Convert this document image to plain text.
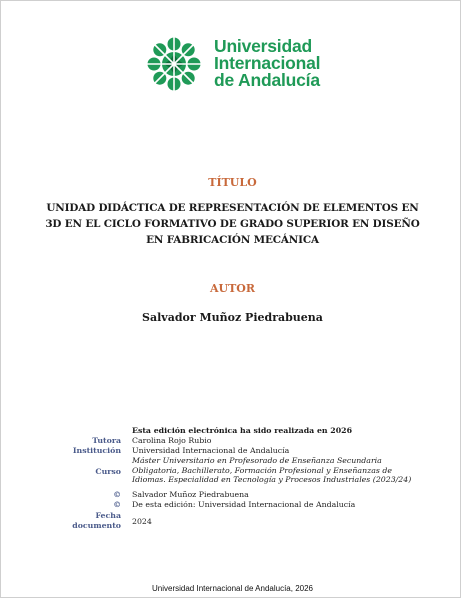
Universidad
Internacional
de Andalucía
TÍTULO
UNIDAD DIDÁCTICA DE REPRESENTACIÓN DE ELEMENTOS EN
3D EN EL CICLO FORMATIVO DE GRADO SUPERIOR EN DISEÑO
EN FABRICACIÓN MECÁNICA
AUTOR
Salvador Muñoz Piedrabuena
Esta edición electrónica ha sido realizada en 2026
Tutora Carolina Rojo Rubio
Institución Universidad Internacional de Andalucía
Curso
Máster Universitario en Profesorado de Enseñanza Secundaria
Obligatoria, Bachillerato, Formación Profesional y Enseñanzas de
Idiomas. Especialidad en Tecnología y Procesos Industriales (2023/24)
© Salvador Muñoz Piedrabuena
© De esta edición: Universidad Internacional de Andalucía
Fecha
documento 2024
Universidad Internacional de Andalucía, 2026
